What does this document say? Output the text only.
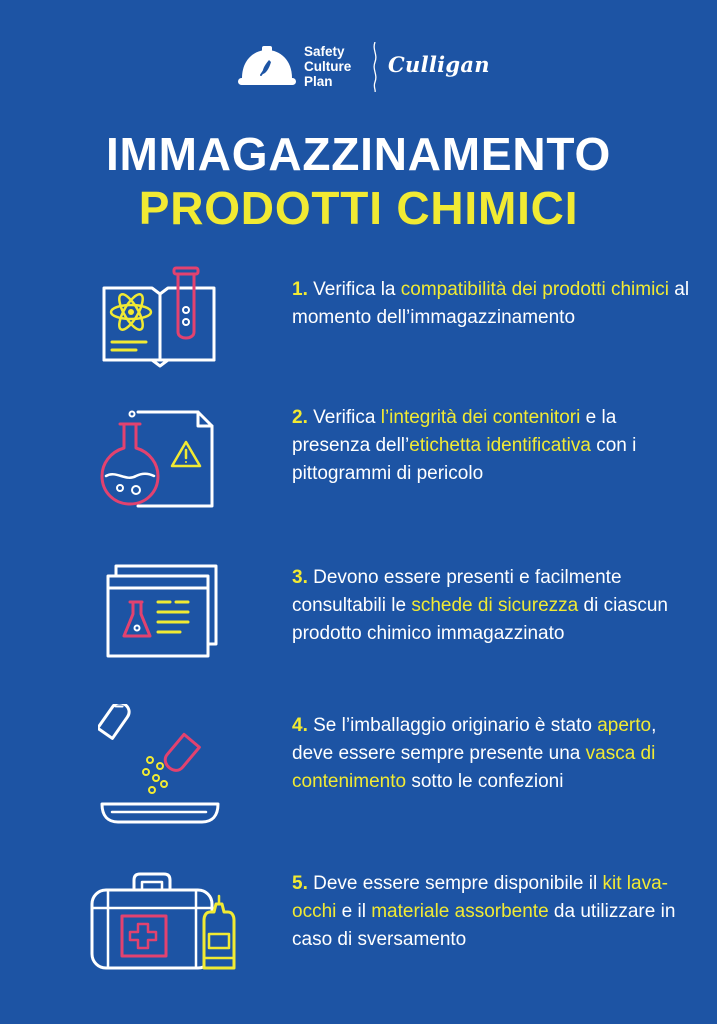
Safety
Culture
Plan
Culligan
IMMAGAZZINAMENTO
PRODOTTI CHIMICI
1. Verifica la compatibilità dei prodotti chimici al momento dell’immagazzinamento
2. Verifica l’integrità dei contenitori e la presenza dell’etichetta identificativa con i pittogrammi di pericolo
3. Devono essere presenti e facilmente consultabili le schede di sicurezza di ciascun prodotto chimico immagazzinato
4. Se l’imballaggio originario è stato aperto, deve essere sempre presente una vasca di contenimento sotto le confezioni
5. Deve essere sempre disponibile il kit lava-occhi e il materiale assorbente da utilizzare in caso di sversamento
